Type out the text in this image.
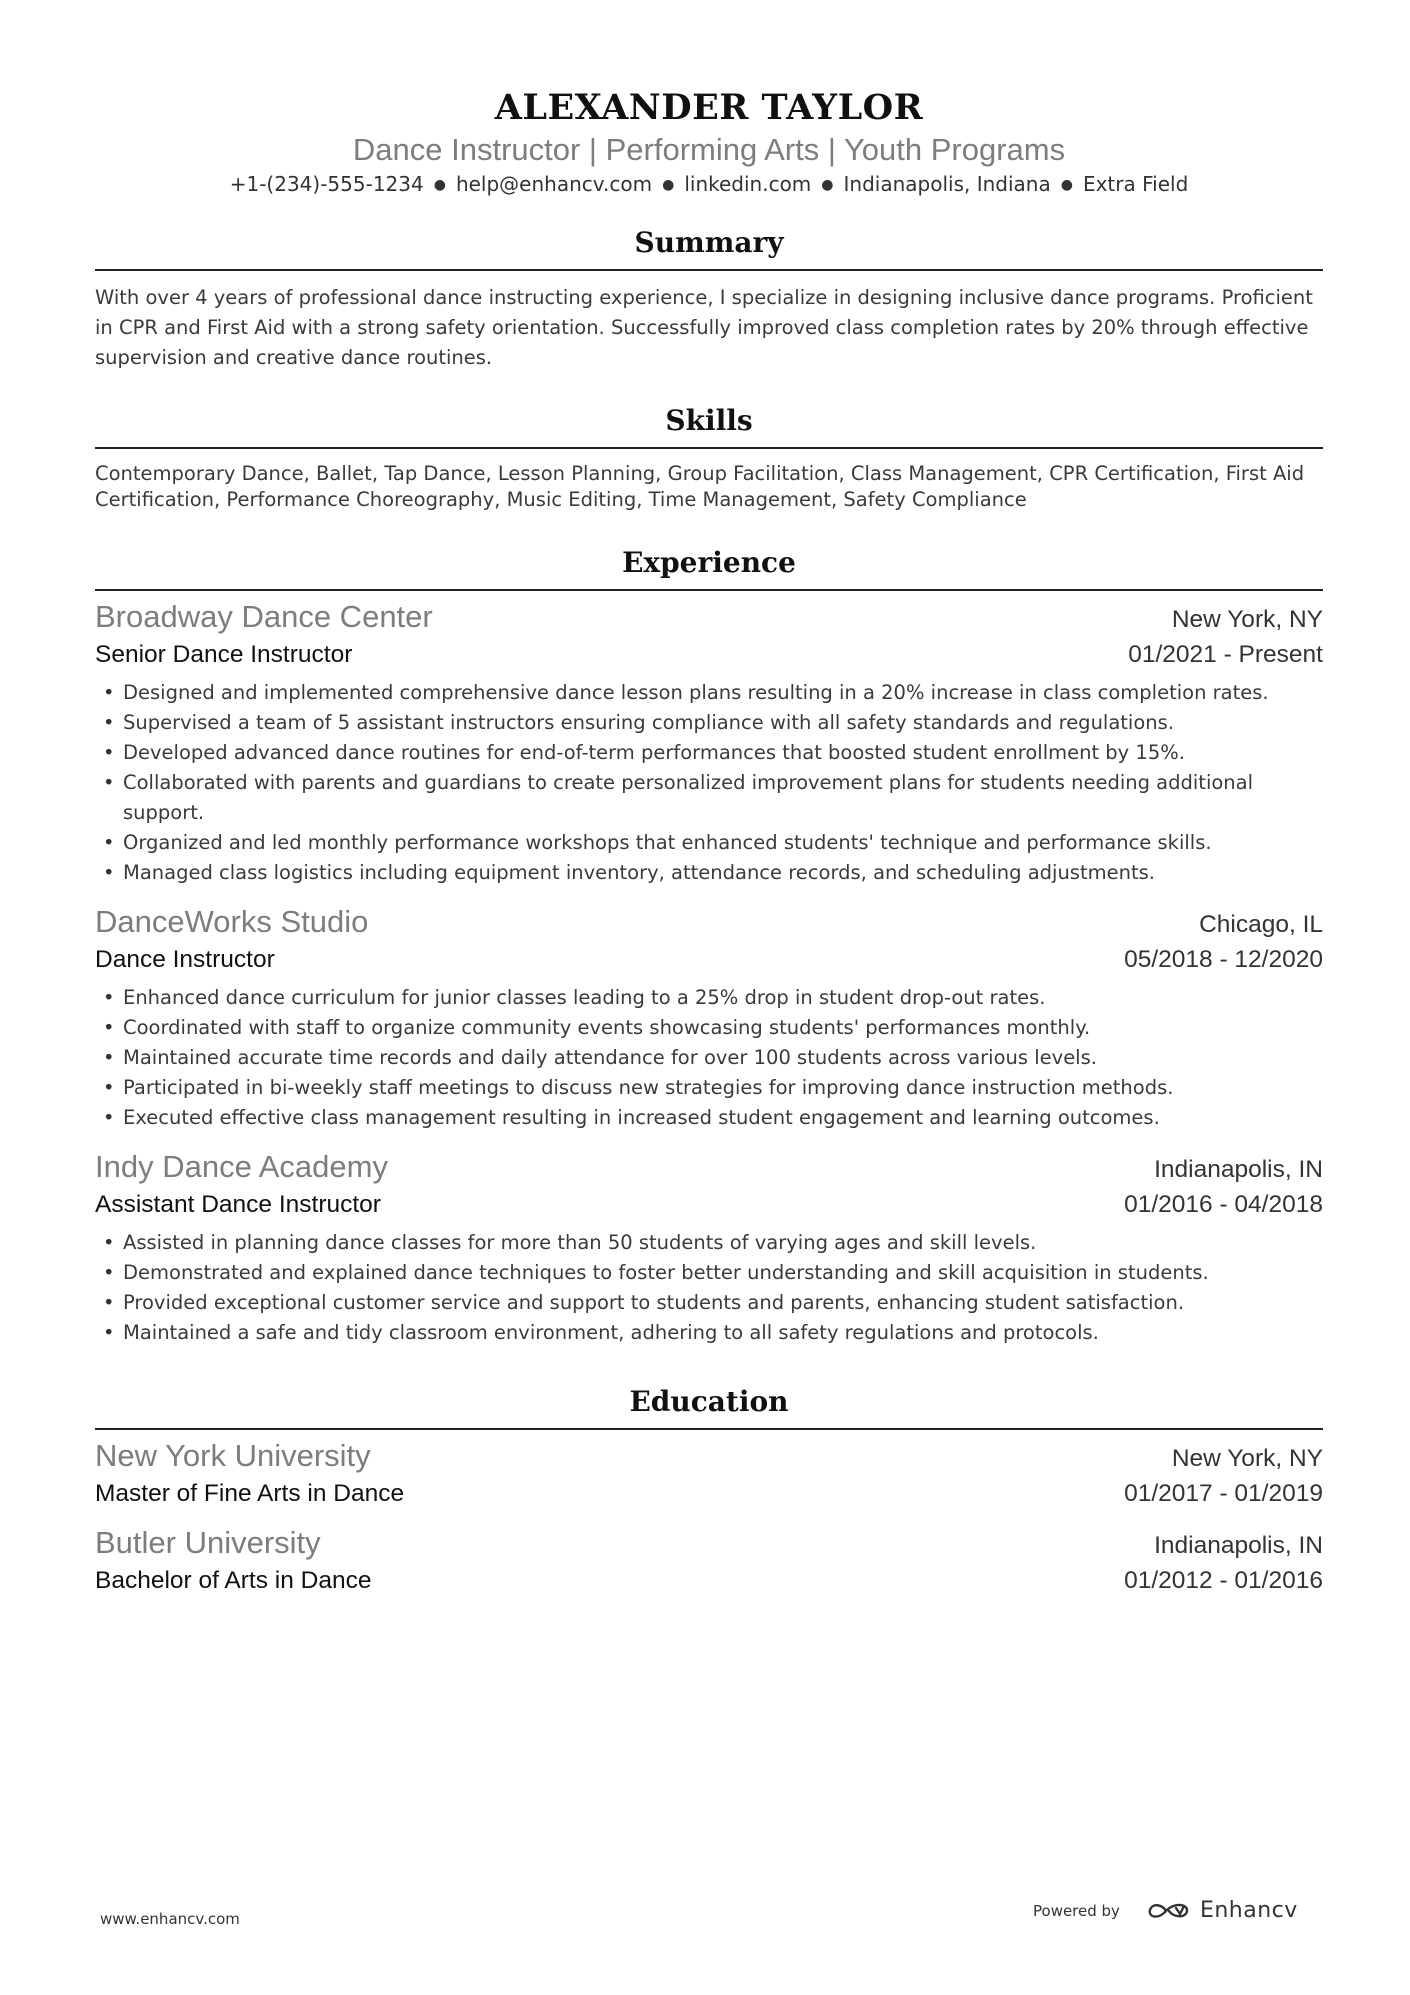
ALEXANDER TAYLOR
Dance Instructor | Performing Arts | Youth Programs
+1-(234)-555-1234 ● help@enhancv.com ● linkedin.com ● Indianapolis, Indiana ● Extra Field
Summary
With over 4 years of professional dance instructing experience, I specialize in designing inclusive dance programs. Proficient in CPR and First Aid with a strong safety orientation. Successfully improved class completion rates by 20% through effective supervision and creative dance routines.
Skills
Contemporary Dance, Ballet, Tap Dance, Lesson Planning, Group Facilitation, Class Management, CPR Certification, First Aid Certification, Performance Choreography, Music Editing, Time Management, Safety Compliance
Experience
Broadway Dance Center	New York, NY
Senior Dance Instructor	01/2021 - Present
• Designed and implemented comprehensive dance lesson plans resulting in a 20% increase in class completion rates.
• Supervised a team of 5 assistant instructors ensuring compliance with all safety standards and regulations.
• Developed advanced dance routines for end-of-term performances that boosted student enrollment by 15%.
• Collaborated with parents and guardians to create personalized improvement plans for students needing additional support.
• Organized and led monthly performance workshops that enhanced students' technique and performance skills.
• Managed class logistics including equipment inventory, attendance records, and scheduling adjustments.
DanceWorks Studio	Chicago, IL
Dance Instructor	05/2018 - 12/2020
• Enhanced dance curriculum for junior classes leading to a 25% drop in student drop-out rates.
• Coordinated with staff to organize community events showcasing students' performances monthly.
• Maintained accurate time records and daily attendance for over 100 students across various levels.
• Participated in bi-weekly staff meetings to discuss new strategies for improving dance instruction methods.
• Executed effective class management resulting in increased student engagement and learning outcomes.
Indy Dance Academy	Indianapolis, IN
Assistant Dance Instructor	01/2016 - 04/2018
• Assisted in planning dance classes for more than 50 students of varying ages and skill levels.
• Demonstrated and explained dance techniques to foster better understanding and skill acquisition in students.
• Provided exceptional customer service and support to students and parents, enhancing student satisfaction.
• Maintained a safe and tidy classroom environment, adhering to all safety regulations and protocols.
Education
New York University	New York, NY
Master of Fine Arts in Dance	01/2017 - 01/2019
Butler University	Indianapolis, IN
Bachelor of Arts in Dance	01/2012 - 01/2016
www.enhancv.com	Powered by	Enhancv
